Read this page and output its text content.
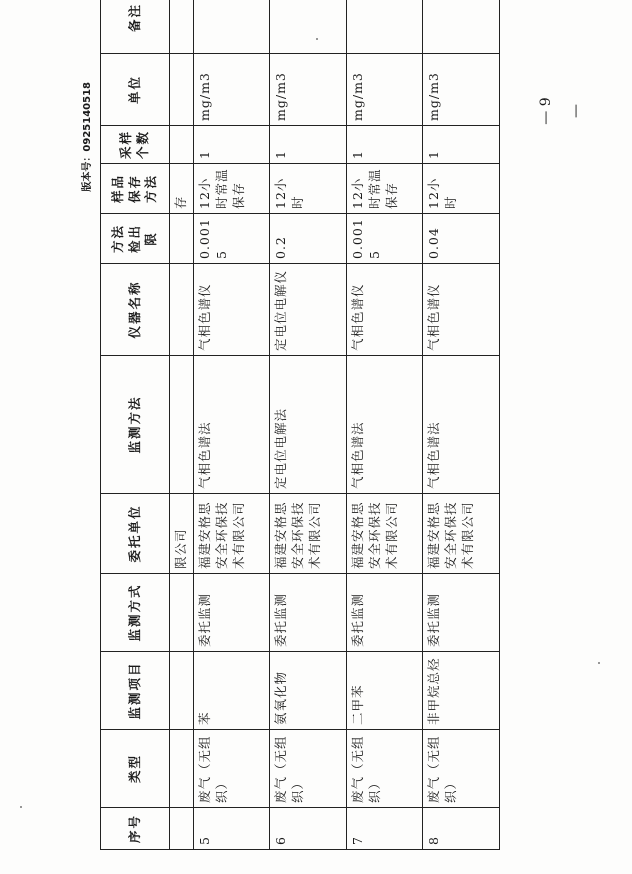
版本号：0925140518
序号	类型	监测项目	监测方式	委托单位	监测方法	仪器名称	方法检出限	样品保存方法	采样个数	单位	备注
				限公司				存			
5	废气（无组织）	苯	委托监测	福建安格思安全环保技术有限公司	气相色谱法	气相色谱仪	0.0015	12小时常温保存	1	mg/m3	
6	废气（无组织）	氨氧化物	委托监测	福建安格思安全环保技术有限公司	定电位电解法	定电位电解仪	0.2	12小时	1	mg/m3	
7	废气（无组织）	二甲苯	委托监测	福建安格思安全环保技术有限公司	气相色谱法	气相色谱仪	0.0015	12小时常温保存	1	mg/m3	
8	废气（无组织）	非甲烷总烃	委托监测	福建安格思安全环保技术有限公司	气相色谱法	气相色谱仪	0.04	12小时	1	mg/m3		— 9 —
